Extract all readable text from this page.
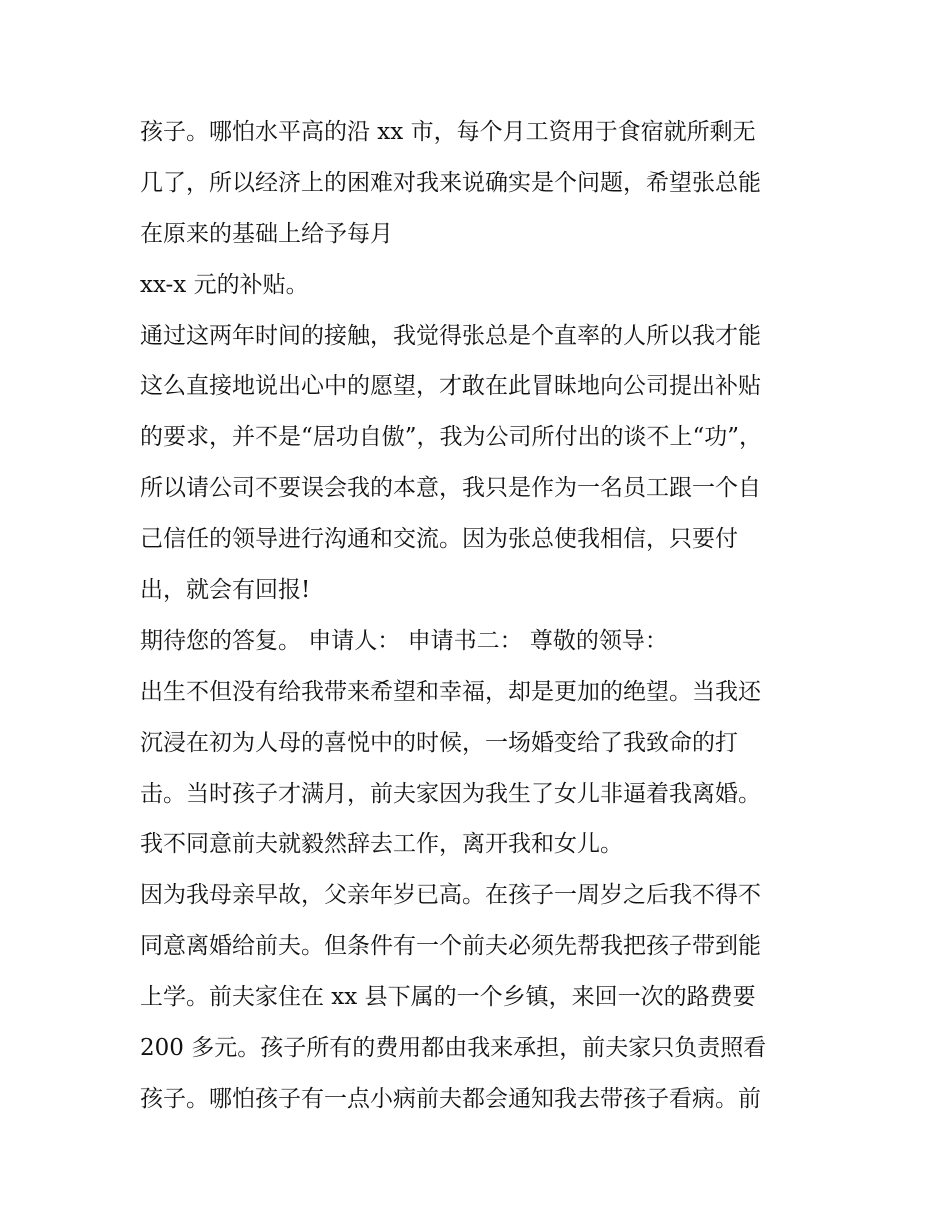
孩子。哪怕水平高的沿 xx 市，每个月工资用于食宿就所剩无
几了，所以经济上的困难对我来说确实是个问题，希望张总能
在原来的基础上给予每月
xx-x 元的补贴。
通过这两年时间的接触，我觉得张总是个直率的人所以我才能
这么直接地说出心中的愿望，才敢在此冒昧地向公司提出补贴
的要求，并不是“居功自傲”，我为公司所付出的谈不上“功”，
所以请公司不要误会我的本意，我只是作为一名员工跟一个自
己信任的领导进行沟通和交流。因为张总使我相信，只要付
出，就会有回报!
期待您的答复。 申请人： 申请书二： 尊敬的领导：
出生不但没有给我带来希望和幸福，却是更加的绝望。当我还
沉浸在初为人母的喜悦中的时候，一场婚变给了我致命的打
击。当时孩子才满月，前夫家因为我生了女儿非逼着我离婚。
我不同意前夫就毅然辞去工作，离开我和女儿。
因为我母亲早故，父亲年岁已高。在孩子一周岁之后我不得不
同意离婚给前夫。但条件有一个前夫必须先帮我把孩子带到能
上学。前夫家住在 xx 县下属的一个乡镇，来回一次的路费要
200 多元。孩子所有的费用都由我来承担，前夫家只负责照看
孩子。哪怕孩子有一点小病前夫都会通知我去带孩子看病。前
